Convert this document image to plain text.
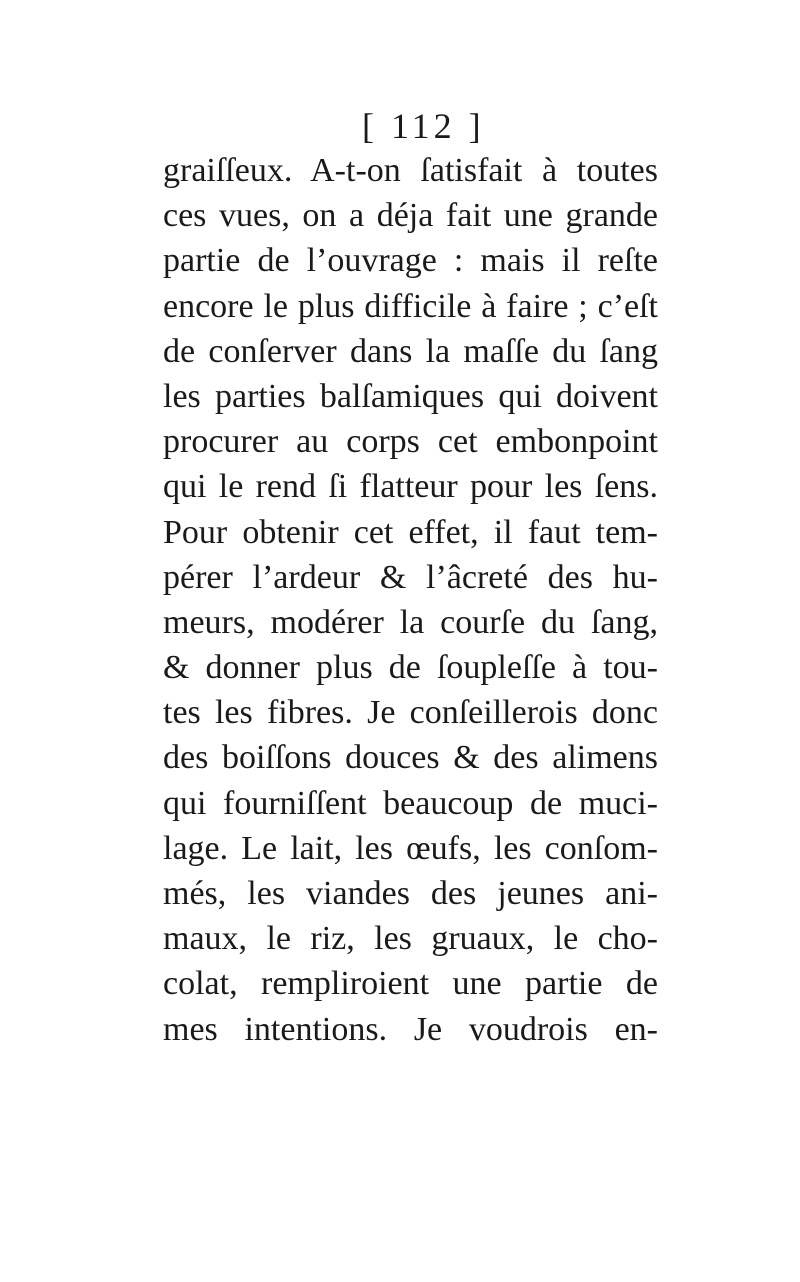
[ 112 ]
graiſſeux. A-t-on ſatisfait à toutes
ces vues, on a déja fait une grande
partie de l’ouvrage : mais il reſte
encore le plus difficile à faire ; c’eſt
de conſerver dans la maſſe du ſang
les parties balſamiques qui doivent
procurer au corps cet embonpoint
qui le rend ſi flatteur pour les ſens.
Pour obtenir cet effet, il faut tem-
pérer l’ardeur & l’âcreté des hu-
meurs, modérer la courſe du ſang,
& donner plus de ſoupleſſe à tou-
tes les fibres. Je conſeillerois donc
des boiſſons douces & des alimens
qui fourniſſent beaucoup de muci-
lage. Le lait, les œufs, les conſom-
més, les viandes des jeunes ani-
maux, le riz, les gruaux, le cho-
colat, rempliroient une partie de
mes intentions. Je voudrois en-
